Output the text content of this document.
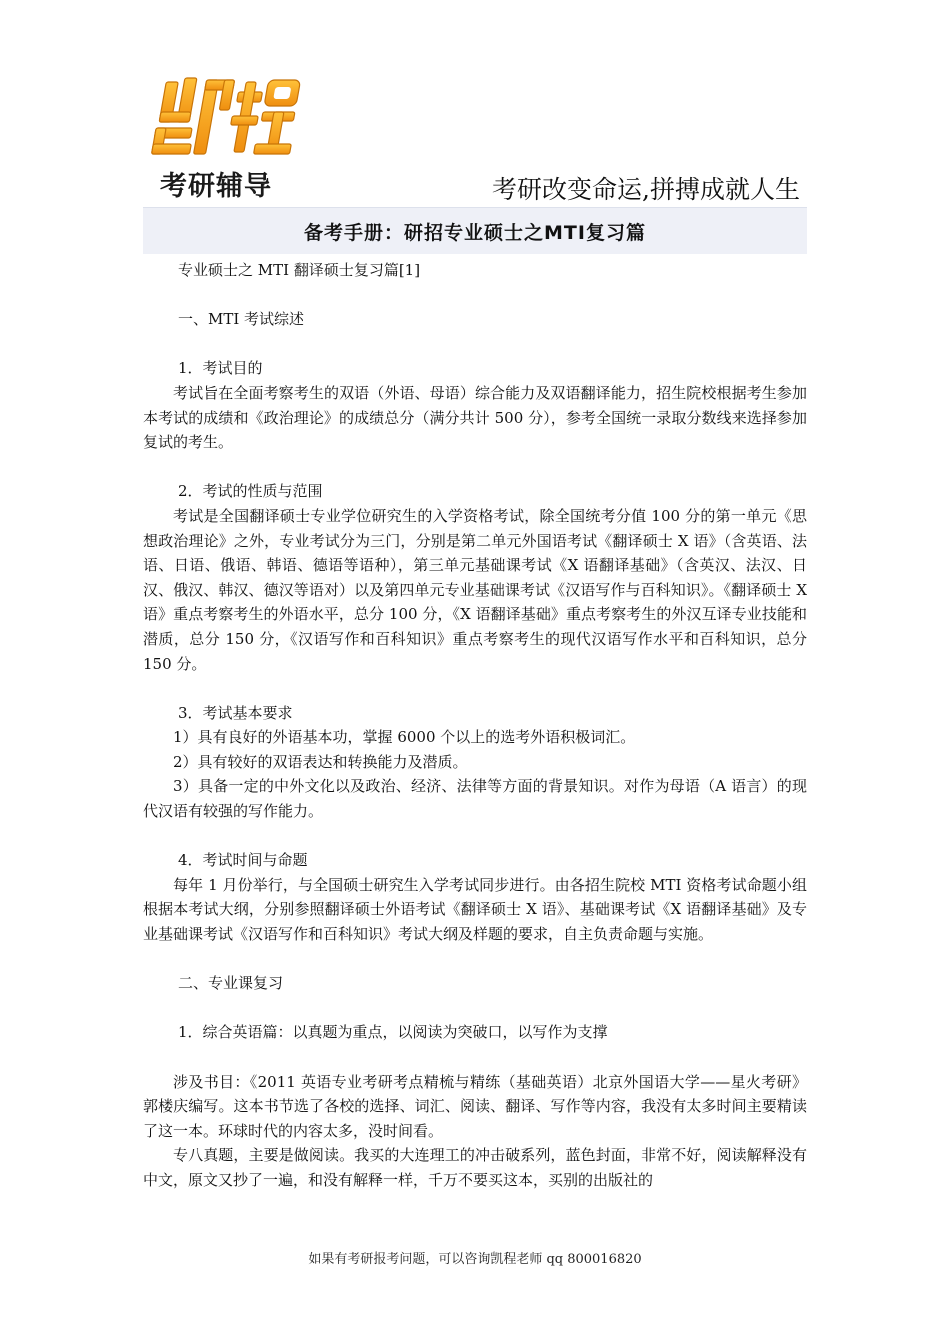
考研辅导	考研改变命运,拼搏成就人生
备考手册：研招专业硕士之MTI复习篇

专业硕士之 MTI 翻译硕士复习篇[1]

一、MTI 考试综述

1．考试目的

考试旨在全面考察考生的双语（外语、母语）综合能力及双语翻译能力，招生院校根据考生参加本考试的成绩和《政治理论》的成绩总分（满分共计 500 分），参考全国统一录取分数线来选择参加复试的考生。

2．考试的性质与范围

考试是全国翻译硕士专业学位研究生的入学资格考试，除全国统考分值 100 分的第一单元《思想政治理论》之外，专业考试分为三门，分别是第二单元外国语考试《翻译硕士 X 语》（含英语、法语、日语、俄语、韩语、德语等语种），第三单元基础课考试《X 语翻译基础》（含英汉、法汉、日汉、俄汉、韩汉、德汉等语对）以及第四单元专业基础课考试《汉语写作与百科知识》。《翻译硕士 X 语》重点考察考生的外语水平，总分 100 分，《X 语翻译基础》重点考察考生的外汉互译专业技能和潜质，总分 150 分，《汉语写作和百科知识》重点考察考生的现代汉语写作水平和百科知识，总分 150 分。

3．考试基本要求

1）具有良好的外语基本功，掌握 6000 个以上的选考外语积极词汇。

2）具有较好的双语表达和转换能力及潜质。

3）具备一定的中外文化以及政治、经济、法律等方面的背景知识。对作为母语（A 语言）的现代汉语有较强的写作能力。

4．考试时间与命题

每年 1 月份举行，与全国硕士研究生入学考试同步进行。由各招生院校 MTI 资格考试命题小组根据本考试大纲，分别参照翻译硕士外语考试《翻译硕士 X 语》、基础课考试《X 语翻译基础》及专业基础课考试《汉语写作和百科知识》考试大纲及样题的要求，自主负责命题与实施。

二、专业课复习

1．综合英语篇：以真题为重点，以阅读为突破口，以写作为支撑

涉及书目：《2011 英语专业考研考点精梳与精练（基础英语）北京外国语大学——星火考研》郭楼庆编写。这本书节选了各校的选择、词汇、阅读、翻译、写作等内容，我没有太多时间主要精读了这一本。环球时代的内容太多，没时间看。

专八真题，主要是做阅读。我买的大连理工的冲击破系列，蓝色封面，非常不好，阅读解释没有中文，原文又抄了一遍，和没有解释一样，千万不要买这本，买别的出版社的

如果有考研报考问题，可以咨询凯程老师 qq 800016820
